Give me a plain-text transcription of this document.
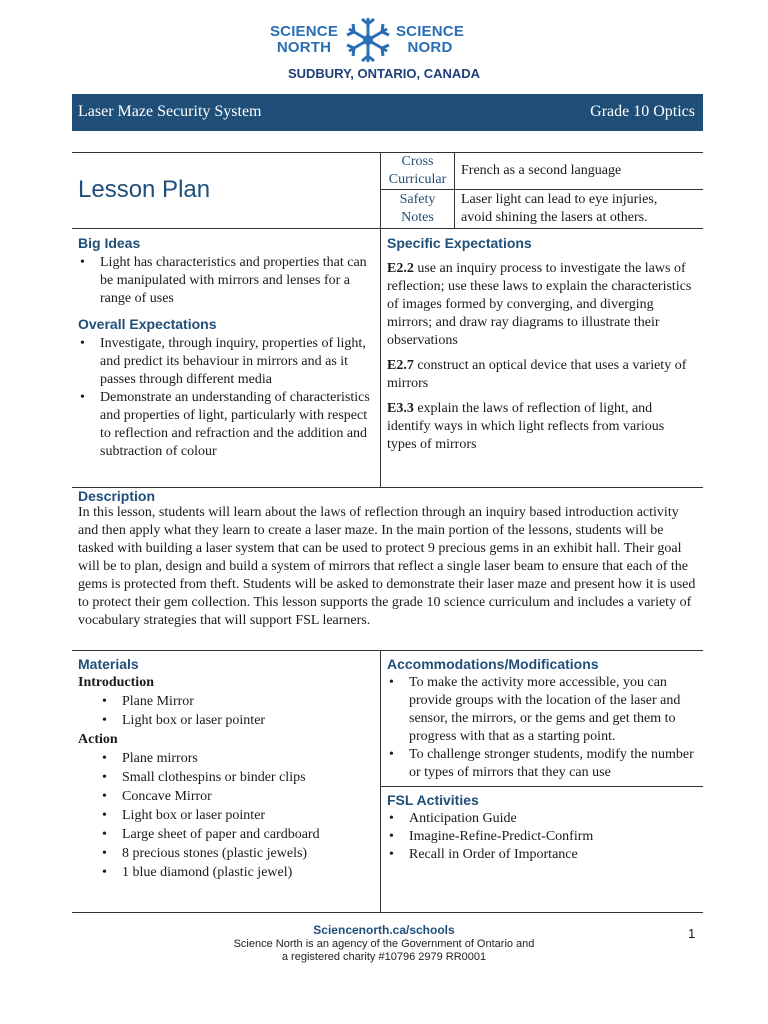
SCIENCE
NORTH
SCIENCE
NORD
SUDBURY, ONTARIO, CANADA
Laser Maze Security System	Grade 10 Optics
Lesson Plan
Cross
Curricular
French as a second language
Safety
Notes
Laser light can lead to eye injuries,
avoid shining the lasers at others.
Big Ideas
• Light has characteristics and properties that can be manipulated with mirrors and lenses for a range of uses
Overall Expectations
• Investigate, through inquiry, properties of light, and predict its behaviour in mirrors and as it passes through different media
• Demonstrate an understanding of characteristics and properties of light, particularly with respect to reflection and refraction and the addition and subtraction of colour
Specific Expectations
E2.2 use an inquiry process to investigate the laws of reflection; use these laws to explain the characteristics of images formed by converging, and diverging mirrors; and draw ray diagrams to illustrate their observations
E2.7 construct an optical device that uses a variety of mirrors
E3.3 explain the laws of reflection of light, and identify ways in which light reflects from various types of mirrors
Description
In this lesson, students will learn about the laws of reflection through an inquiry based introduction activity and then apply what they learn to create a laser maze. In the main portion of the lessons, students will be tasked with building a laser system that can be used to protect 9 precious gems in an exhibit hall. Their goal will be to plan, design and build a system of mirrors that reflect a single laser beam to ensure that each of the gems is protected from theft. Students will be asked to demonstrate their laser maze and present how it is used to protect their gem collection. This lesson supports the grade 10 science curriculum and includes a variety of vocabulary strategies that will support FSL learners.
Materials
Introduction
• Plane Mirror
• Light box or laser pointer
Action
• Plane mirrors
• Small clothespins or binder clips
• Concave Mirror
• Light box or laser pointer
• Large sheet of paper and cardboard
• 8 precious stones (plastic jewels)
• 1 blue diamond (plastic jewel)
Accommodations/Modifications
• To make the activity more accessible, you can provide groups with the location of the laser and sensor, the mirrors, or the gems and get them to progress with that as a starting point.
• To challenge stronger students, modify the number or types of mirrors that they can use
FSL Activities
• Anticipation Guide
• Imagine-Refine-Predict-Confirm
• Recall in Order of Importance
Sciencenorth.ca/schools
Science North is an agency of the Government of Ontario and
a registered charity #10796 2979 RR0001
1
